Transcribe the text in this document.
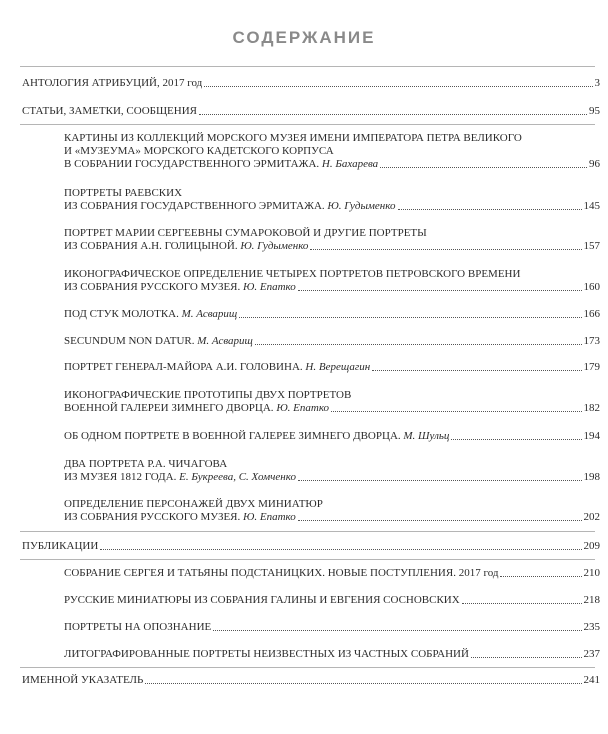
СОДЕРЖАНИЕ
АНТОЛОГИЯ АТРИБУЦИЙ, 2017 год	3
СТАТЬИ, ЗАМЕТКИ, СООБЩЕНИЯ	95
КАРТИНЫ ИЗ КОЛЛЕКЦИЙ МОРСКОГО МУЗЕЯ ИМЕНИ ИМПЕРАТОРА ПЕТРА ВЕЛИКОГО
И «МУЗЕУМА» МОРСКОГО КАДЕТСКОГО КОРПУСА
В СОБРАНИИ ГОСУДАРСТВЕННОГО ЭРМИТАЖА.
Н. Бахарева	96
ПОРТРЕТЫ РАЕВСКИХ
ИЗ СОБРАНИЯ ГОСУДАРСТВЕННОГО ЭРМИТАЖА.
Ю. Гудыменко	145
ПОРТРЕТ МАРИИ СЕРГЕЕВНЫ СУМАРОКОВОЙ И ДРУГИЕ ПОРТРЕТЫ
ИЗ СОБРАНИЯ А.Н. ГОЛИЦЫНОЙ.
Ю. Гудыменко	157
ИКОНОГРАФИЧЕСКОЕ ОПРЕДЕЛЕНИЕ ЧЕТЫРЕХ ПОРТРЕТОВ ПЕТРОВСКОГО ВРЕМЕНИ
ИЗ СОБРАНИЯ РУССКОГО МУЗЕЯ.
Ю. Епатко	160
ПОД СТУК МОЛОТКА.
М. Асварищ	166
SECUNDUM NON DATUR.
М. Асварищ	173
ПОРТРЕТ ГЕНЕРАЛ-МАЙОРА А.И. ГОЛОВИНА.
Н. Верещагин	179
ИКОНОГРАФИЧЕСКИЕ ПРОТОТИПЫ ДВУХ ПОРТРЕТОВ
ВОЕННОЙ ГАЛЕРЕИ ЗИМНЕГО ДВОРЦА.
Ю. Епатко	182
ОБ ОДНОМ ПОРТРЕТЕ В ВОЕННОЙ ГАЛЕРЕЕ ЗИМНЕГО ДВОРЦА.
М. Шульц	194
ДВА ПОРТРЕТА Р.А. ЧИЧАГОВА
ИЗ МУЗЕЯ 1812 ГОДА.
Е. Букреева, С. Хомченко	198
ОПРЕДЕЛЕНИЕ ПЕРСОНАЖЕЙ ДВУХ МИНИАТЮР
ИЗ СОБРАНИЯ РУССКОГО МУЗЕЯ.
Ю. Епатко	202
ПУБЛИКАЦИИ	209
СОБРАНИЕ СЕРГЕЯ И ТАТЬЯНЫ ПОДСТАНИЦКИХ. НОВЫЕ ПОСТУПЛЕНИЯ. 2017 год	210
РУССКИЕ МИНИАТЮРЫ ИЗ СОБРАНИЯ ГАЛИНЫ И ЕВГЕНИЯ СОСНОВСКИХ	218
ПОРТРЕТЫ НА ОПОЗНАНИЕ	235
ЛИТОГРАФИРОВАННЫЕ ПОРТРЕТЫ НЕИЗВЕСТНЫХ ИЗ ЧАСТНЫХ СОБРАНИЙ	237
ИМЕННОЙ УКАЗАТЕЛЬ	241
